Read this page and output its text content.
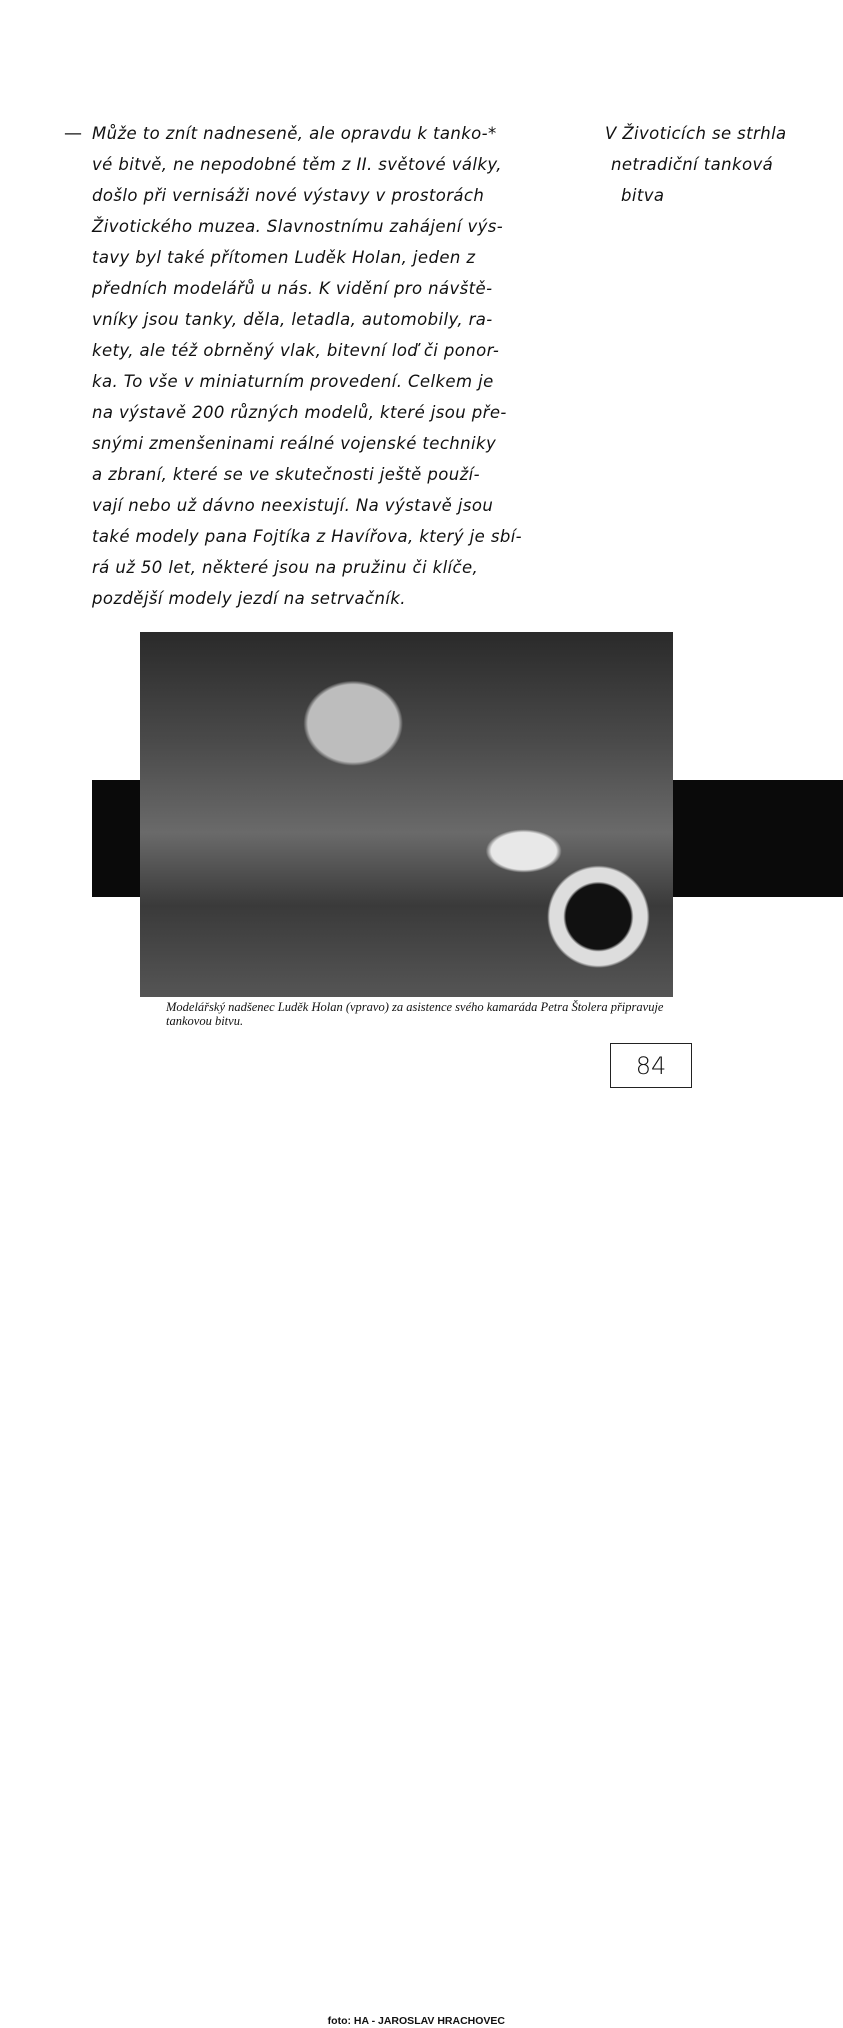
— Může to znít nadneseně, ale opravdu k tanko-*
vé bitvě, ne nepodobné těm z II. světové války,
došlo při vernisáži nové výstavy v prostorách
Životického muzea. Slavnostnímu zahájení výs-
tavy byl také přítomen Luděk Holan, jeden z
předních modelářů u nás. K vidění pro návště-
vníky jsou tanky, děla, letadla, automobily, ra-
kety, ale též obrněný vlak, bitevní loď či ponor-
ka. To vše v miniaturním provedení. Celkem je
na výstavě 200 různých modelů, které jsou pře-
snými zmenšeninami reálné vojenské techniky
a zbraní, které se ve skutečnosti ještě použí-
vají nebo už dávno neexistují. Na výstavě jsou
také modely pana Fojtíka z Havířova, který je sbí-
rá už 50 let, některé jsou na pružinu či klíče,
pozdější modely jezdí na setrvačník.
V Životicích se strhla
netradiční tanková
bitva
Modelářský nadšenec Luděk Holan (vpravo) za asistence svého kamaráda Petra Štolera připravuje tankovou bitvu.
foto: HA - JAROSLAV HRACHOVEC
84
